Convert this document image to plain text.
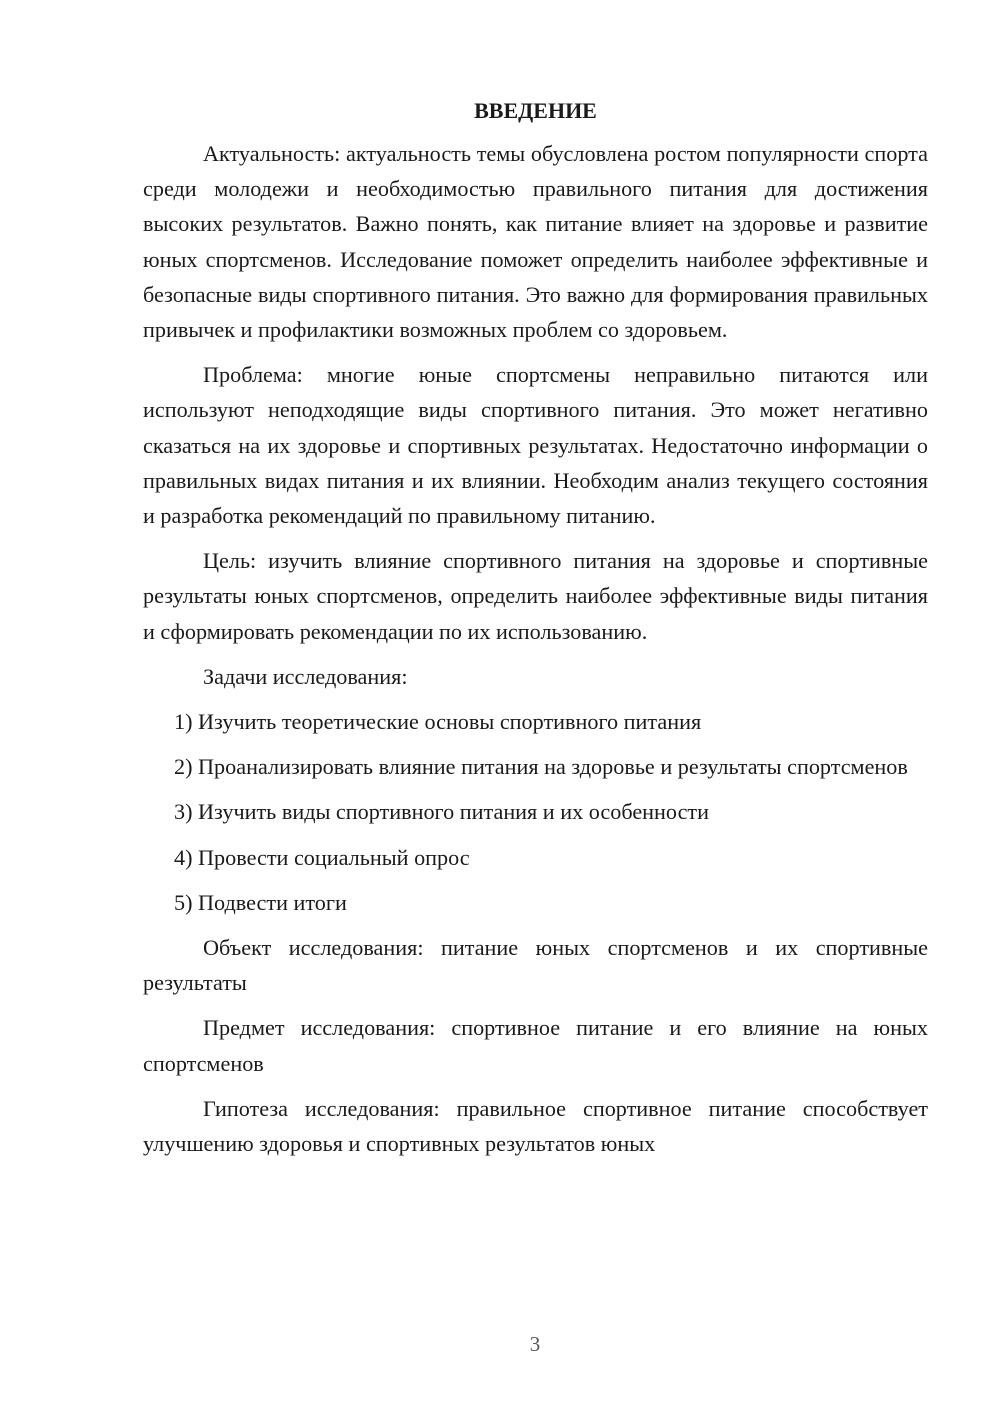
ВВЕДЕНИЕ

Актуальность: актуальность темы обусловлена ростом популярности спорта среди молодежи и необходимостью правильного питания для достижения высоких результатов. Важно понять, как питание влияет на здоровье и развитие юных спортсменов. Исследование поможет определить наиболее эффективные и безопасные виды спортивного питания. Это важно для формирования правильных привычек и профилактики возможных проблем со здоровьем.

Проблема: многие юные спортсмены неправильно питаются или используют неподходящие виды спортивного питания. Это может негативно сказаться на их здоровье и спортивных результатах. Недостаточно информации о правильных видах питания и их влиянии. Необходим анализ текущего состояния и разработка рекомендаций по правильному питанию.

Цель: изучить влияние спортивного питания на здоровье и спортивные результаты юных спортсменов, определить наиболее эффективные виды питания и сформировать рекомендации по их использованию.

Задачи исследования:

1) Изучить теоретические основы спортивного питания

2) Проанализировать влияние питания на здоровье и результаты спортсменов

3) Изучить виды спортивного питания и их особенности

4) Провести социальный опрос

5) Подвести итоги

Объект исследования: питание юных спортсменов и их спортивные результаты

Предмет исследования: спортивное питание и его влияние на юных спортсменов

Гипотеза исследования: правильное спортивное питание способствует улучшению здоровья и спортивных результатов юных

3
